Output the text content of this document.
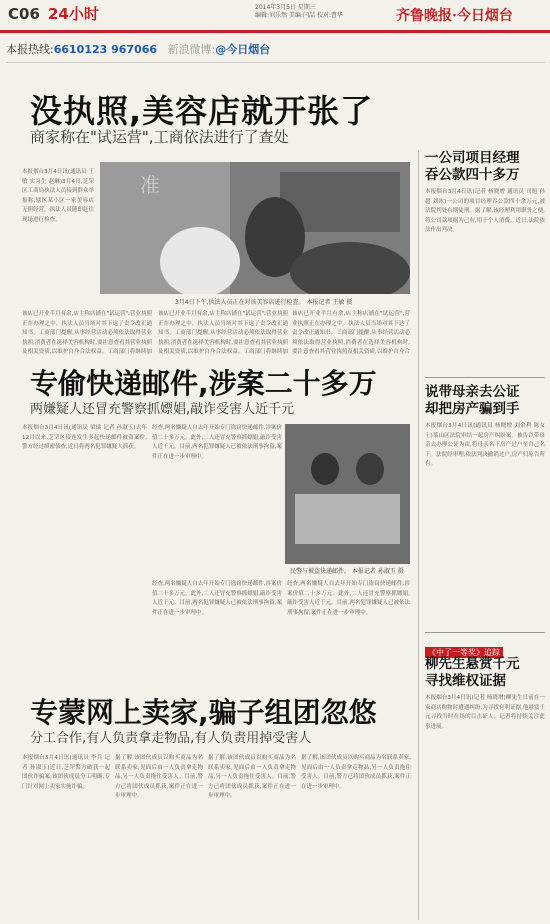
C06 24小时	2014年3月5日 星期三
编辑:刘乐然 美编:闫喆 校对:曹华	齐鲁晚报·今日烟台
本报热线:6610123 967066 新浪微博:@今日烟台
没执照,美容店就开张了
商家称在"试运营",工商依法进行了查处
本报烟台3月4日讯(通讯员 王敏 实习生 赵琳)3月4日,芝罘区工商局执法人员接到群众举报称,辖区某小区一家美容店无照经营。执法人员随即赶往现场进行检查。
准
3月4日下午,执法人员正在对该美容店进行检查。 本报记者 王敏 摄
该店已开业半月有余,店主称店铺在"试运营",营业执照正在办理之中。执法人员当场对其下达了责令改正通知书。工商部门提醒,从事经营活动必须依法取得营业执照,消费者在选择美容机构时,要注意查看其营业执照及相关资质,以维护自身合法权益。工商部门将继续加
该店已开业半月有余,店主称店铺在"试运营",营业执照正在办理之中。执法人员当场对其下达了责令改正通知书。工商部门提醒,从事经营活动必须依法取得营业执照,消费者在选择美容机构时,要注意查看其营业执照及相关资质,以维护自身合法权益。工商部门将继续加
该店已开业半月有余,店主称店铺在"试运营",营业执照正在办理之中。执法人员当场对其下达了责令改正通知书。工商部门提醒,从事经营活动必须依法取得营业执照,消费者在选择美容机构时,要注意查看其营业执照及相关资质,以维护自身合
专偷快递邮件,涉案二十多万
两嫌疑人还冒充警察抓嫖娼,敲诈受害人近千元
本报烟台3月4日讯(通讯员 梁瑞 记者 孙淑玉)去年12月以来,芝罘区接连发生多起快递邮件被盗案件,警方经过缜密侦查,近日将两名犯罪嫌疑人抓获。
经查,两名嫌疑人自去年开始专门盗窃快递邮件,涉案价值二十多万元。此外,二人还冒充警察抓嫖娼,敲诈受害人近千元。目前,两名犯罪嫌疑人已被依法刑事拘留,案件正在进一步审理中。
民警与被盗快递邮件。 本报记者 孙淑玉 摄
经查,两名嫌疑人自去年开始专门盗窃快递邮件,涉案价值二十多万元。此外,二人还冒充警察抓嫖娼,敲诈受害人近千元。目前,两名犯罪嫌疑人已被依法刑事拘留,案件正在进一步审理中。
经查,两名嫌疑人自去年开始专门盗窃快递邮件,涉案价值二十多万元。此外,二人还冒充警察抓嫖娼,敲诈受害人近千元。目前,两名犯罪嫌疑人已被依法刑事拘留,案件正在进一步审理中。
专蒙网上卖家,骗子组团忽悠
分工合作,有人负责拿走物品,有人负责用掉受害人
本报烟台3月4日讯(通讯员 李兵 记者 孙淑玉)近日,芝罘警方破获一起团伙诈骗案,该团伙成员分工明确,专门针对网上卖家实施诈骗。
据了解,该团伙成员以购买商品为名联系卖家,见面后由一人负责拿走物品,另一人负责拖住受害人。目前,警方已将团伙成员抓获,案件正在进一步审理中。
据了解,该团伙成员以购买商品为名联系卖家,见面后由一人负责拿走物品,另一人负责拖住受害人。目前,警方已将团伙成员抓获,案件正在进一步审理中。
据了解,该团伙成员以购买商品为名联系卖家,见面后由一人负责拿走物品,另一人负责拖住受害人。目前,警方已将团伙成员抓获,案件正在进一步审理中。
一公司项目经理
吞公款四十多万
本报烟台3月4日讯(记者 杨晓增 通讯员 司旭 孙超 刘冰)一公司的项目经理吞公款四十余万元,被法院判处有期徒刑。据了解,该经理利用职务之便,将公司款项据为己有,用于个人消费。近日,法院依法作出判决。
说带母亲去公证
却把房产骗到手
本报烟台3月4日讯(通讯员 杨晓增 刘金利 陈女士)莱山区法院审结一起房产纠纷案。被告以带母亲去办理公证为由,将母亲名下房产过户至自己名下。法院经审理,依法判决撤销过户,房产归原告所有。
《中了一等奖》追踪
柳先生悬赏千元
寻找维权证据
本报烟台3月4日讯(记者 杨晓增)柳先生日前在一家商店购物时遭遇纠纷,为寻找有利证据,他悬赏千元寻找当时在场的目击证人。记者将持续关注此事进展。
